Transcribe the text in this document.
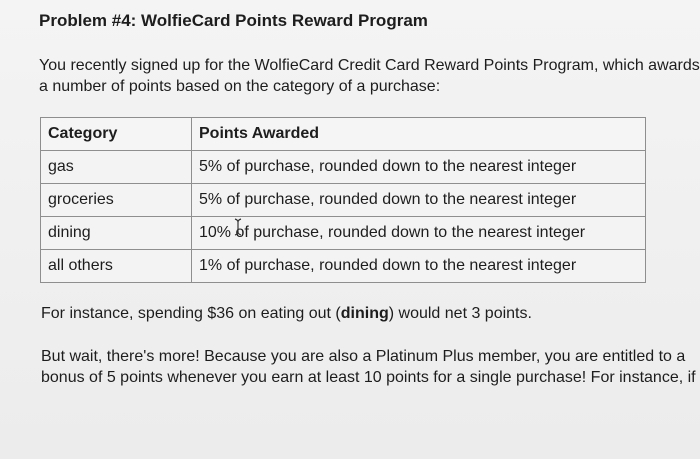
Problem #4: WolfieCard Points Reward Program
You recently signed up for the WolfieCard Credit Card Reward Points Program, which awards
a number of points based on the category of a purchase:
Category	Points Awarded
gas	5% of purchase, rounded down to the nearest integer
groceries	5% of purchase, rounded down to the nearest integer
dining	10% of purchase, rounded down to the nearest integer
all others	1% of purchase, rounded down to the nearest integer
For instance, spending $36 on eating out (dining) would net 3 points.
But wait, there's more! Because you are also a Platinum Plus member, you are entitled to a
bonus of 5 points whenever you earn at least 10 points for a single purchase! For instance, if
